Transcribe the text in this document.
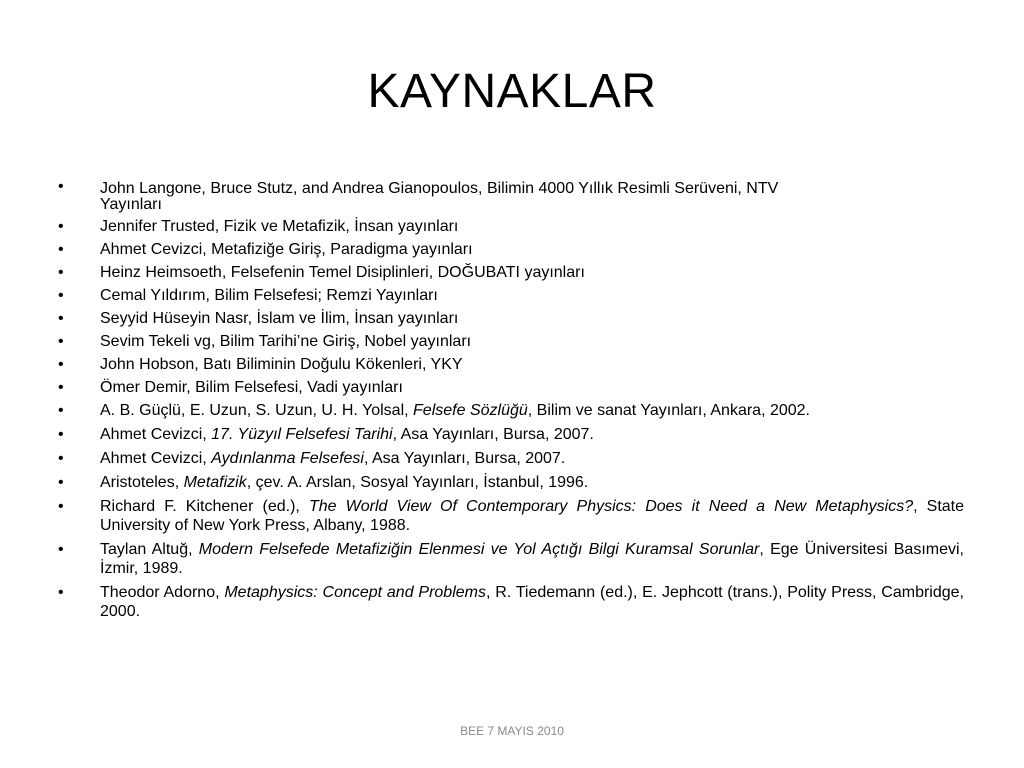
KAYNAKLAR
• John Langone, Bruce Stutz, and Andrea Gianopoulos, Bilimin 4000 Yıllık Resimli Serüveni, NTV
Yayınları
• Jennifer Trusted, Fizik ve Metafizik, İnsan yayınları
• Ahmet Cevizci, Metafiziğe Giriş, Paradigma yayınları
• Heinz Heimsoeth, Felsefenin Temel Disiplinleri, DOĞUBATI yayınları
• Cemal Yıldırım, Bilim Felsefesi; Remzi Yayınları
• Seyyid Hüseyin Nasr, İslam ve İlim, İnsan yayınları
• Sevim Tekeli vg, Bilim Tarihi’ne Giriş, Nobel yayınları
• John Hobson, Batı Biliminin Doğulu Kökenleri, YKY
• Ömer Demir, Bilim Felsefesi, Vadi yayınları
• A. B. Güçlü, E. Uzun, S. Uzun, U. H. Yolsal, Felsefe Sözlüğü, Bilim ve sanat Yayınları, Ankara, 2002.
• Ahmet Cevizci, 17. Yüzyıl Felsefesi Tarihi, Asa Yayınları, Bursa, 2007.
• Ahmet Cevizci, Aydınlanma Felsefesi, Asa Yayınları, Bursa, 2007.
• Aristoteles, Metafizik, çev. A. Arslan, Sosyal Yayınları, İstanbul, 1996.
• Richard F. Kitchener (ed.), The World View Of Contemporary Physics: Does it Need a New Metaphysics?, State University of New York Press, Albany, 1988.
• Taylan Altuğ, Modern Felsefede Metafiziğin Elenmesi ve Yol Açtığı Bilgi Kuramsal Sorunlar, Ege Üniversitesi Basımevi, İzmir, 1989.
• Theodor Adorno, Metaphysics: Concept and Problems, R. Tiedemann (ed.), E. Jephcott (trans.), Polity Press, Cambridge, 2000.
BEE 7 MAYIS 2010
